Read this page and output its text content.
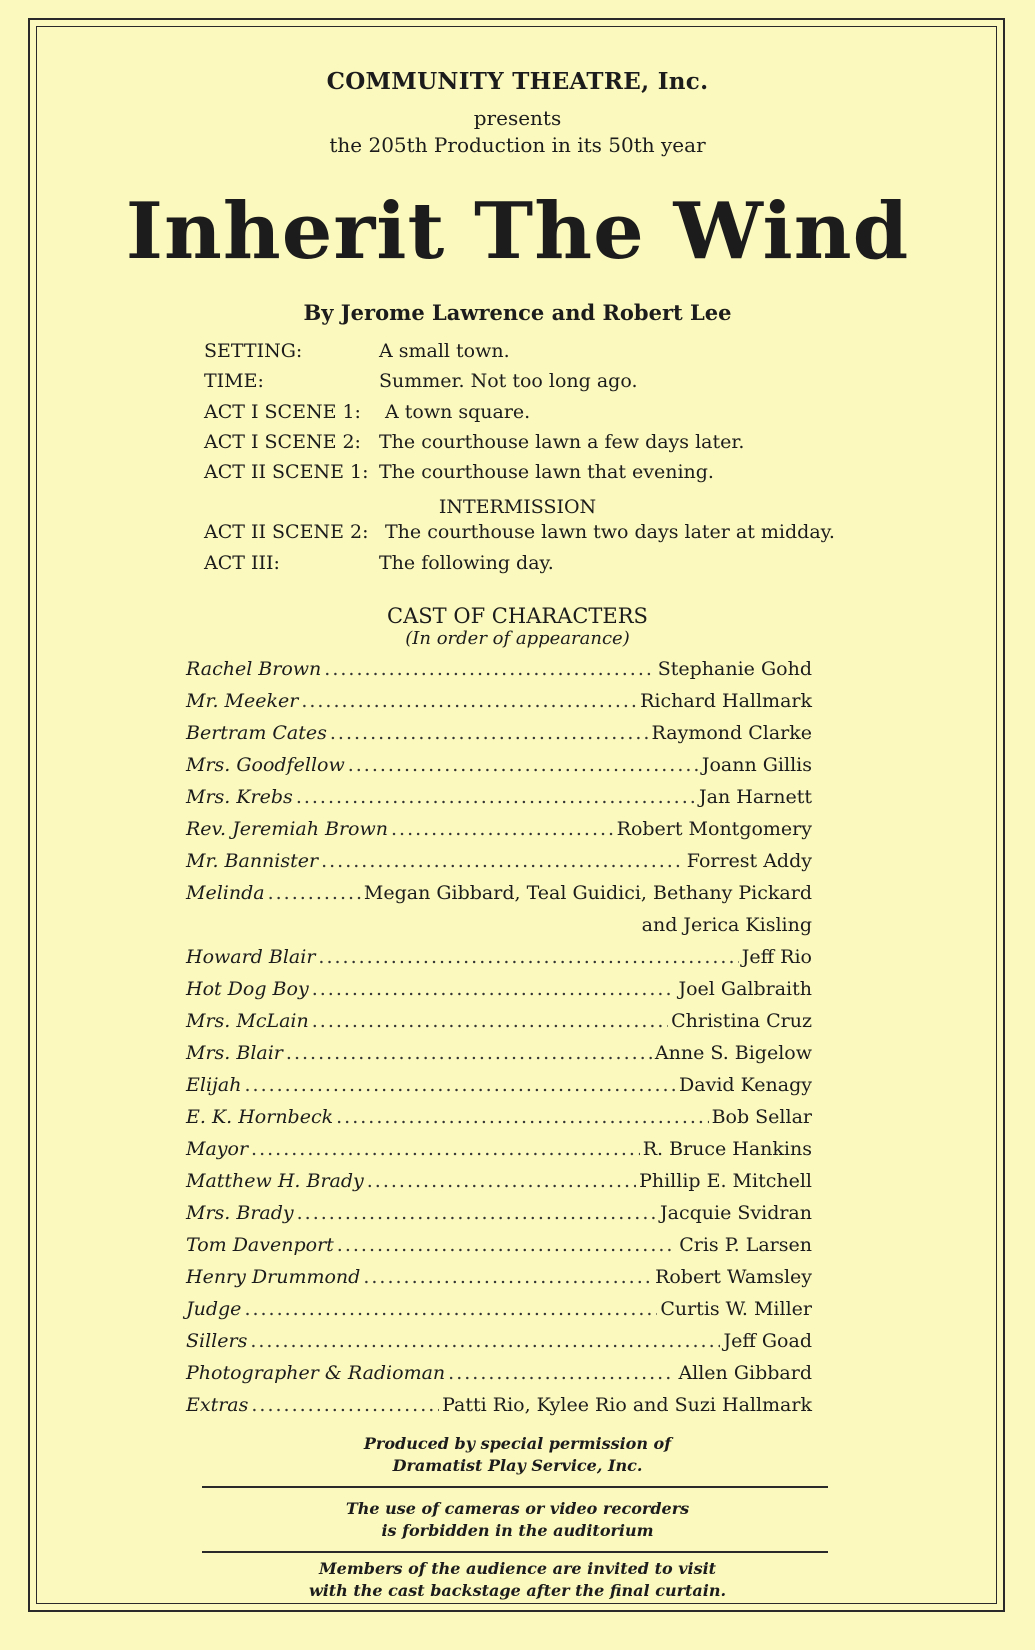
COMMUNITY THEATRE, Inc.
presents
the 205th Production in its 50th year
Inherit The Wind
By Jerome Lawrence and Robert Lee
SETTING:	A small town.
TIME:	Summer. Not too long ago.
ACT I SCENE 1: A town square.
ACT I SCENE 2: The courthouse lawn a few days later.
ACT II SCENE 1: The courthouse lawn that evening.
ACT II SCENE 2: The courthouse lawn two days later at midday.
ACT III:	The following day.
INTERMISSION
CAST OF CHARACTERS
(In order of appearance)
Rachel Brown .....	Stephanie Gohd
Mr. Meeker .....	Richard Hallmark
Bertram Cates .....	Raymond Clarke
Mrs. Goodfellow .....	Joann Gillis
Mrs. Krebs .....	Jan Harnett
Rev. Jeremiah Brown .....	Robert Montgomery
Mr. Bannister .....	Forrest Addy
Melinda .....	Megan Gibbard, Teal Guidici, Bethany Pickard
and Jerica Kisling
Howard Blair .....	Jeff Rio
Hot Dog Boy .....	Joel Galbraith
Mrs. McLain .....	Christina Cruz
Mrs. Blair .....	Anne S. Bigelow
Elijah .....	David Kenagy
E. K. Hornbeck .....	Bob Sellar
Mayor .....	R. Bruce Hankins
Matthew H. Brady .....	Phillip E. Mitchell
Mrs. Brady .....	Jacquie Svidran
Tom Davenport .....	Cris P. Larsen
Henry Drummond .....	Robert Wamsley
Judge .....	Curtis W. Miller
Sillers .....	Jeff Goad
Photographer & Radioman .....	Allen Gibbard
Extras .....	Patti Rio, Kylee Rio and Suzi Hallmark
Produced by special permission of
Dramatist Play Service, Inc.
The use of cameras or video recorders
is forbidden in the auditorium
Members of the audience are invited to visit
with the cast backstage after the final curtain.
